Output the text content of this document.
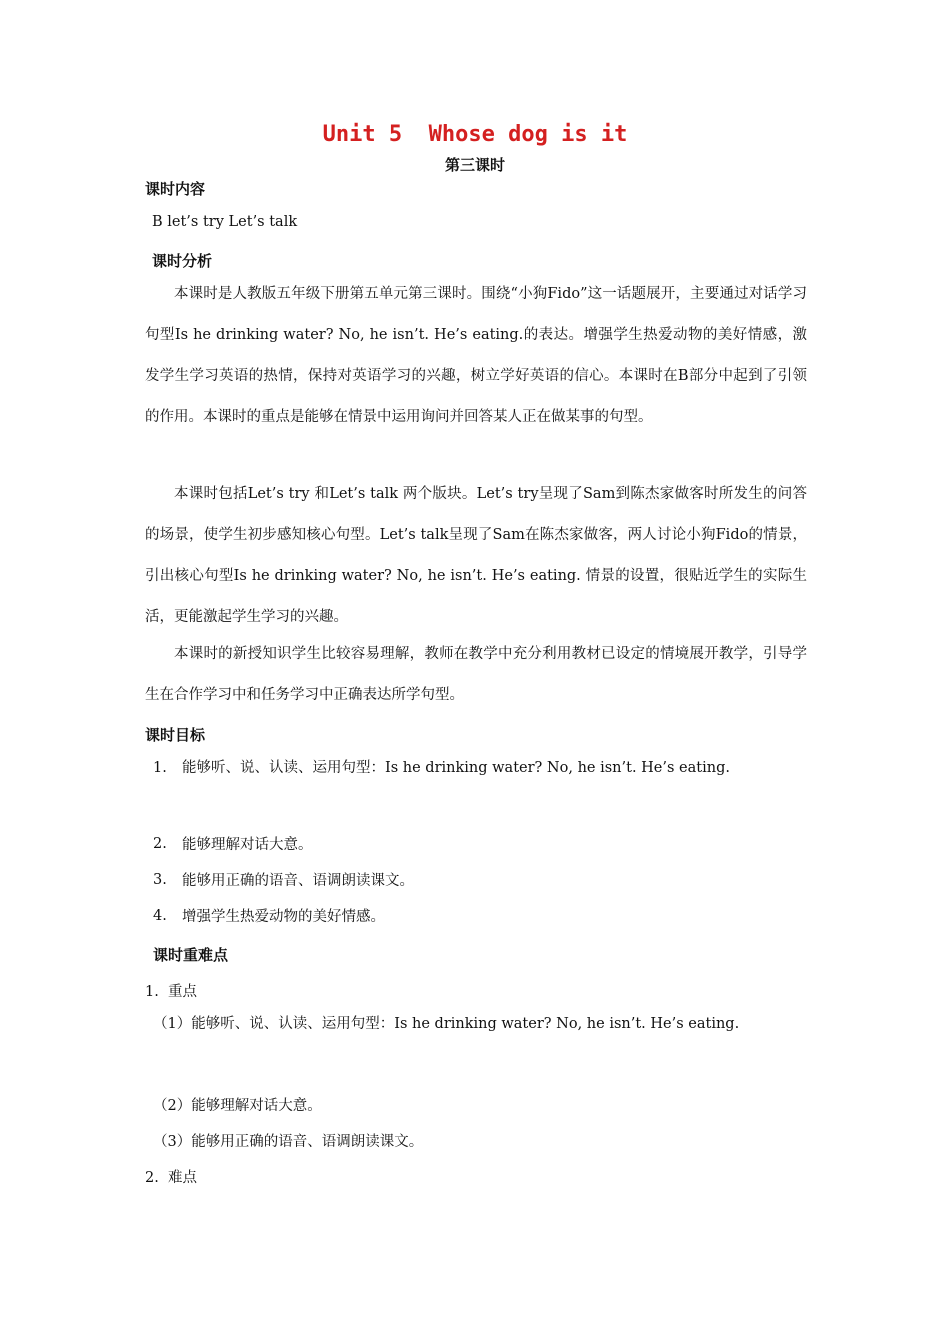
Unit 5  Whose dog is it
第三课时
课时内容
B let’s try Let’s talk
课时分析

本课时是人教版五年级下册第五单元第三课时。围绕“小狗Fido”这一话题展开，主要通过对话学习句型Is he drinking water? No, he isn’t. He’s eating.的表达。增强学生热爱动物的美好情感，激发学生学习英语的热情，保持对英语学习的兴趣，树立学好英语的信心。本课时在B部分中起到了引领的作用。本课时的重点是能够在情景中运用询问并回答某人正在做某事的句型。

本课时包括Let’s try 和Let’s talk 两个版块。Let’s try呈现了Sam到陈杰家做客时所发生的问答的场景，使学生初步感知核心句型。Let’s talk呈现了Sam在陈杰家做客，两人讨论小狗Fido的情景，引出核心句型Is he drinking water? No, he isn’t. He’s eating. 情景的设置，很贴近学生的实际生活，更能激起学生学习的兴趣。

本课时的新授知识学生比较容易理解，教师在教学中充分利用教材已设定的情境展开教学，引导学生在合作学习中和任务学习中正确表达所学句型。

课时目标
1. 能够听、说、认读、运用句型：Is he drinking water? No, he isn’t. He’s eating.
2. 能够理解对话大意。
3. 能够用正确的语音、语调朗读课文。
4. 增强学生热爱动物的美好情感。
课时重难点
1.  重点
（1）能够听、说、认读、运用句型：Is he drinking water? No, he isn’t. He’s eating.
（2）能够理解对话大意。
（3）能够用正确的语音、语调朗读课文。
2.  难点
